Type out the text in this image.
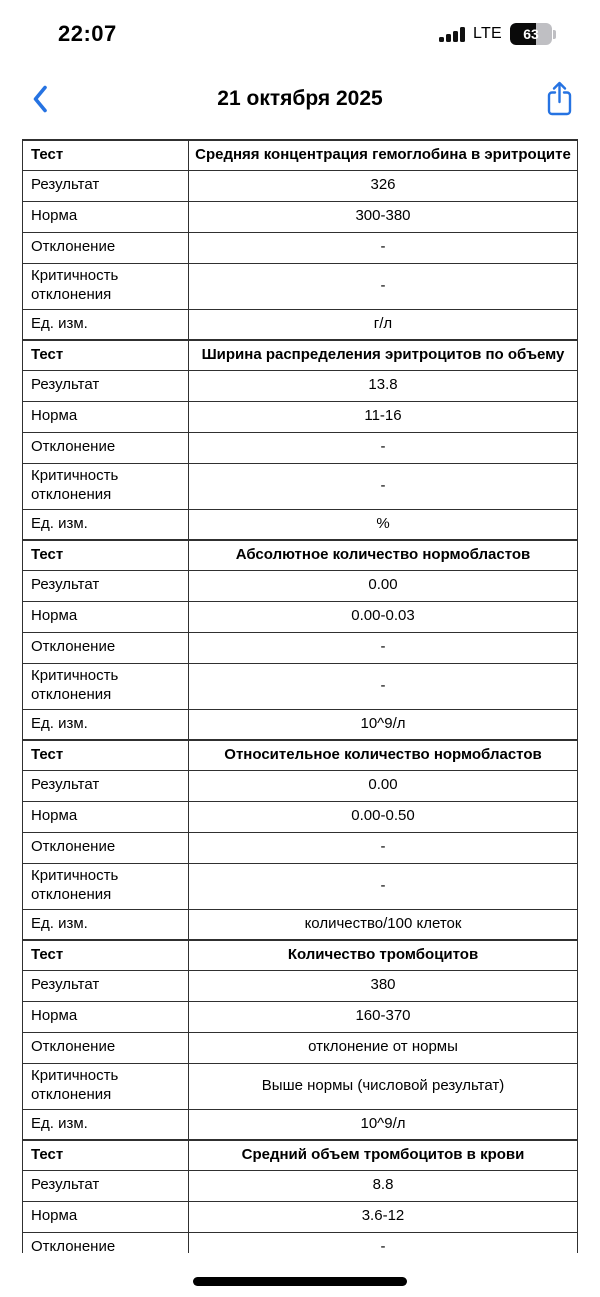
22:07	LTE	63
21 октября 2025
Тест	Средняя концентрация гемоглобина в эритроците
Результат	326
Норма	300-380
Отклонение	-
Критичность отклонения	-
Ед. изм.	г/л
Тест	Ширина распределения эритроцитов по объему
Результат	13.8
Норма	11-16
Отклонение	-
Критичность отклонения	-
Ед. изм.	%
Тест	Абсолютное количество нормобластов
Результат	0.00
Норма	0.00-0.03
Отклонение	-
Критичность отклонения	-
Ед. изм.	10^9/л
Тест	Относительное количество нормобластов
Результат	0.00
Норма	0.00-0.50
Отклонение	-
Критичность отклонения	-
Ед. изм.	количество/100 клеток
Тест	Количество тромбоцитов
Результат	380
Норма	160-370
Отклонение	отклонение от нормы
Критичность отклонения	Выше нормы (числовой результат)
Ед. изм.	10^9/л
Тест	Средний объем тромбоцитов в крови
Результат	8.8
Норма	3.6-12
Отклонение	-
